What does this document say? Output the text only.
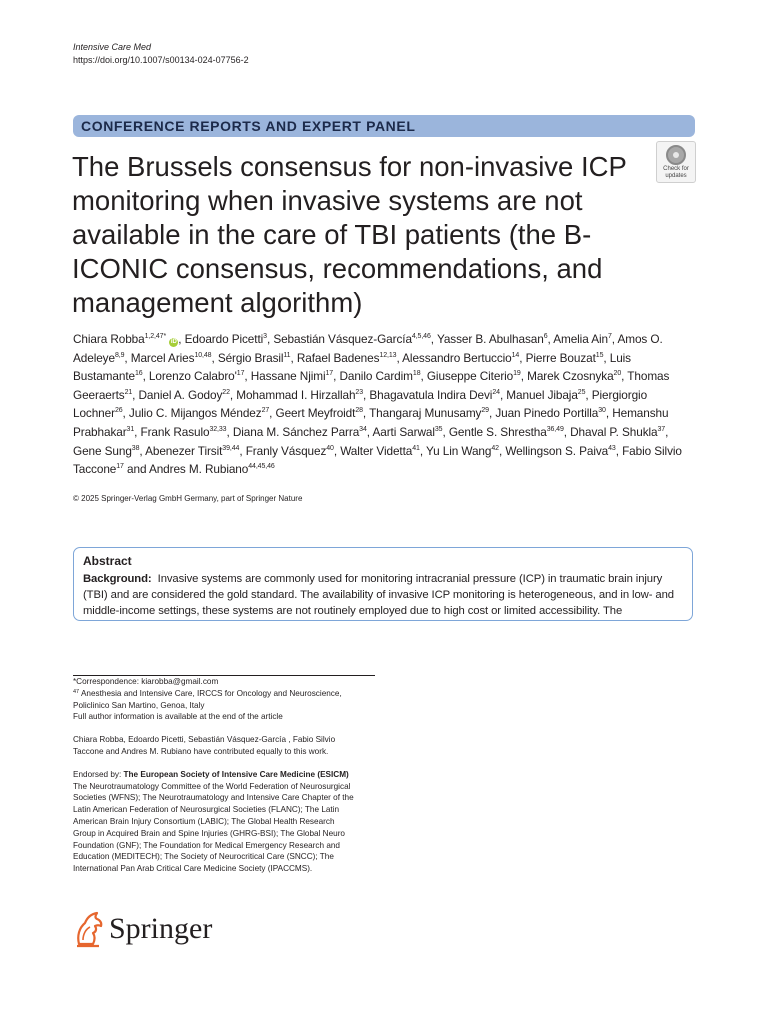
Intensive Care Med
https://doi.org/10.1007/s00134-024-07756-2
CONFERENCE REPORTS AND EXPERT PANEL
The Brussels consensus for non-invasive ICP monitoring when invasive systems are not available in the care of TBI patients (the B-ICONIC consensus, recommendations, and management algorithm)
Check for
updates

Chiara Robba$^{1,2,47*}$ iD , Edoardo Picetti$^3$, Sebastián Vásquez-García$^{4,5,46}$, Yasser B. Abulhasan$^6$, Amelia Ain$^7$, Amos O. Adeleye$^{8,9}$, Marcel Aries$^{10,48}$, Sérgio Brasil$^{11}$, Rafael Badenes$^{12,13}$, Alessandro Bertuccio$^{14}$, Pierre Bouzat$^{15}$, Luis Bustamante$^{16}$, Lorenzo $Calabro'^{17}$, Hassane Njimi$^{17}$, Danilo Cardim$^{18}$, Giuseppe Citerio$^{19}$, Marek Czosnyka$^{20}$, Thomas Geeraerts$^{21}$, Daniel A. Godoy$^{22}$, Mohammad I. Hirzallah$^{23}$, Bhagavatula Indira Devi$^{24}$, Manuel Jibaja$^{25}$, Piergiorgio Lochner$^{26}$, Julio C. Mijangos Méndez$^{27}$, Geert Meyfroidt$^{28}$, Thangaraj Munusamy$^{29}$, Juan Pinedo Portilla$^{30}$, Hemanshu Prabhakar$^{31}$, Frank Rasulo$^{32,33}$, Diana M. Sánchez Parra$^{34}$, Aarti Sarwal$^{35}$, Gentle S. Shrestha$^{36,49}$, Dhaval P. Shukla$^{37}$, Gene Sung$^{38}$, Abenezer Tirsit$^{39,44}$, Franly Vásquez$^{40}$, Walter Videtta$^{41}$, Yu Lin Wang$^{42}$, Wellingson S. Paiva$^{43}$, Fabio Silvio Taccone$^{17}$ and Andres M. Rubiano$^{44,45,46}$

© 2025 Springer-Verlag GmbH Germany, part of Springer Nature

Abstract

Background: Invasive systems are commonly used for monitoring intracranial pressure (ICP) in traumatic brain injury (TBI) and are considered the gold standard. The availability of invasive ICP monitoring is heterogeneous, and in low- and middle-income settings, these systems are not routinely employed due to high cost or limited accessibility. The

*Correspondence: kiarobba@gmail.com

$^{47}$ Anesthesia and Intensive Care, IRCCS for Oncology and Neuroscience, Policlinico San Martino, Genoa, Italy

Full author information is available at the end of the article

Chiara Robba, Edoardo Picetti, Sebastián Vásquez-García , Fabio Silvio Taccone and Andres M. Rubiano have contributed equally to this work.

Endorsed by: The European Society of Intensive Care Medicine (ESICM) The Neurotraumatology Committee of the World Federation of Neurosurgical Societies (WFNS); The Neurotraumatology and Intensive Care Chapter of the Latin American Federation of Neurosurgical Societies (FLANC); The Latin American Brain Injury Consortium (LABIC); The Global Health Research Group in Acquired Brain and Spine Injuries (GHRG-BSI); The Global Neuro Foundation (GNF); The Foundation for Medical Emergency Research and Education (MEDITECH); The Society of Neurocritical Care (SNCC); The International Pan Arab Critical Care Medicine Society (IPACCMS).

Springer
